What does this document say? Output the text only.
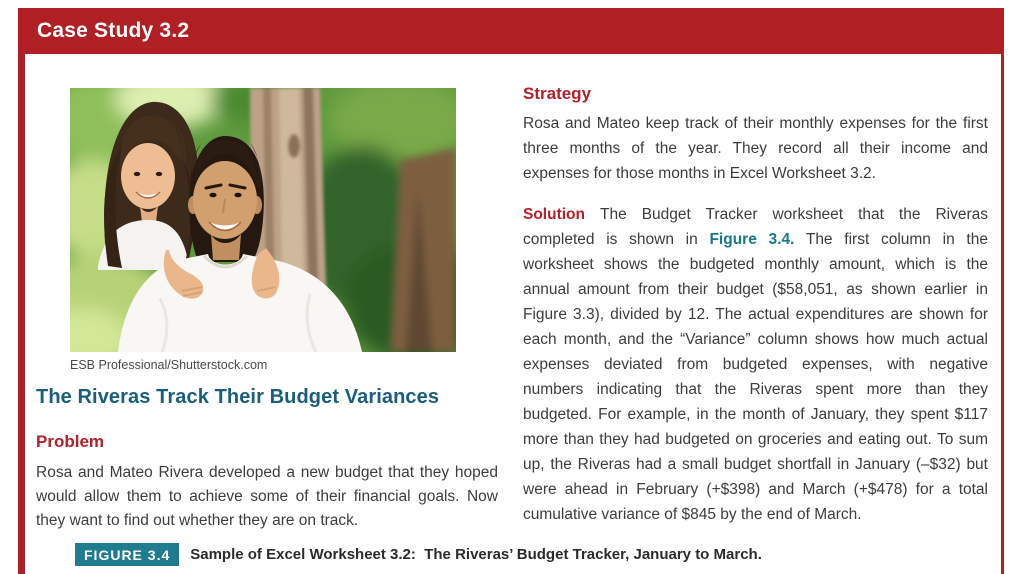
Case Study 3.2
ESB Professional/Shutterstock.com
The Riveras Track Their Budget Variances
Problem

Rosa and Mateo Rivera developed a new budget that they hoped would allow them to achieve some of their financial goals. Now they want to find out whether they are on track.

Strategy

Rosa and Mateo keep track of their monthly expenses for the first three months of the year. They record all their income and expenses for those months in Excel Worksheet 3.2.

Solution The Budget Tracker worksheet that the Riveras completed is shown in Figure 3.4. The first column in the worksheet shows the budgeted monthly amount, which is the annual amount from their budget ($58,051, as shown earlier in Figure 3.3), divided by 12. The actual expenditures are shown for each month, and the “Variance” column shows how much actual expenses deviated from budgeted expenses, with negative numbers indicating that the Riveras spent more than they budgeted. For example, in the month of January, they spent $117 more than they had budgeted on groceries and eating out. To sum up, the Riveras had a small budget shortfall in January (–$32) but were ahead in February (+$398) and March (+$478) for a total cumulative variance of $845 by the end of March.

FIGURE 3.4	Sample of Excel Worksheet 3.2:  The Riveras’ Budget Tracker, January to March.
